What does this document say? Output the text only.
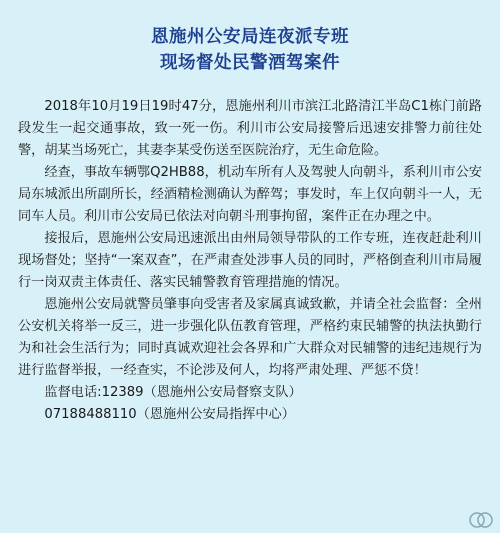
恩施州公安局连夜派专班
现场督处民警酒驾案件

2018年10月19日19时47分，恩施州利川市滨江北路清江半岛C1栋门前路段发生一起交通事故，致一死一伤。利川市公安局接警后迅速安排警力前往处警，胡某当场死亡，其妻李某受伤送至医院治疗，无生命危险。

经查，事故车辆鄂Q2HB88，机动车所有人及驾驶人向朝斗，系利川市公安局东城派出所副所长，经酒精检测确认为醉驾；事发时，车上仅向朝斗一人，无同车人员。利川市公安局已依法对向朝斗刑事拘留，案件正在办理之中。

接报后，恩施州公安局迅速派出由州局领导带队的工作专班，连夜赶赴利川现场督处；坚持“一案双查”，在严肃查处涉事人员的同时，严格倒查利川市局履行一岗双责主体责任、落实民辅警教育管理措施的情况。

恩施州公安局就警员肇事向受害者及家属真诚致歉，并请全社会监督：全州公安机关将举一反三，进一步强化队伍教育管理，严格约束民辅警的执法执勤行为和社会生活行为；同时真诚欢迎社会各界和广大群众对民辅警的违纪违规行为进行监督举报，一经查实，不论涉及何人，均将严肃处理、严惩不贷！

监督电话:12389（恩施州公安局督察支队）

07188488110（恩施州公安局指挥中心）
